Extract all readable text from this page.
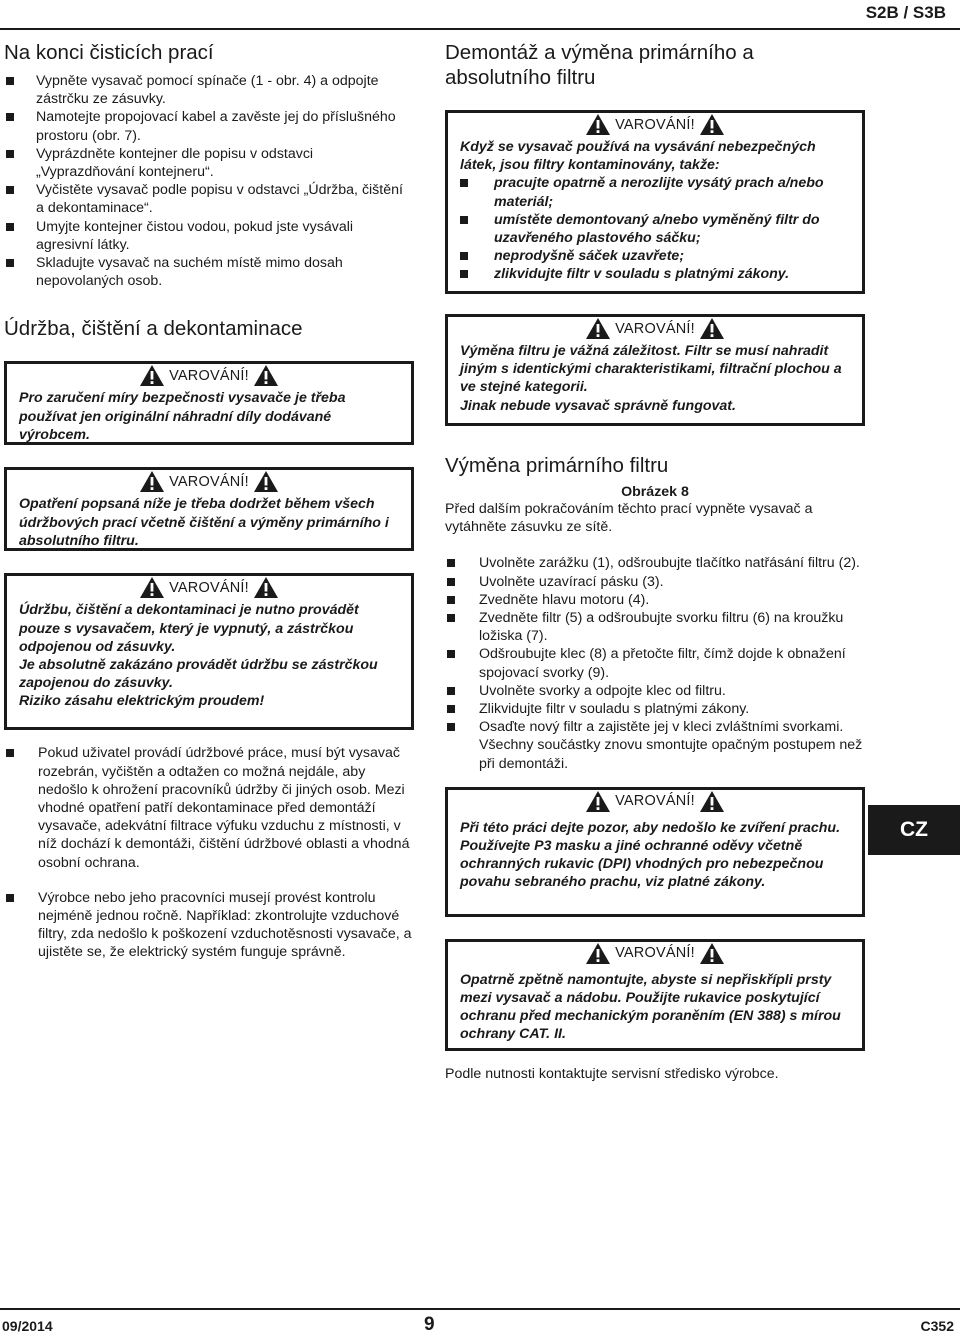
S2B / S3B
Na konci čisticích prací
Vypněte vysavač pomocí spínače (1 - obr. 4) a odpojte zástrčku ze zásuvky.
Namotejte propojovací kabel a zavěste jej do příslušného prostoru (obr. 7).
Vyprázdněte kontejner dle popisu v odstavci „Vyprazdňování kontejneru“.
Vyčistěte vysavač podle popisu v odstavci „Údržba, čištění a dekontaminace“.
Umyjte kontejner čistou vodou, pokud jste vysávali agresivní látky.
Skladujte vysavač na suchém místě mimo dosah nepovolaných osob.
Údržba, čištění a dekontaminace
VAROVÁNÍ!

Pro zaručení míry bezpečnosti vysavače je třeba používat jen originální náhradní díly dodávané výrobcem.

VAROVÁNÍ!

Opatření popsaná níže je třeba dodržet během všech údržbových prací včetně čištění a výměny primárního i absolutního filtru.

VAROVÁNÍ!

Údržbu, čištění a dekontaminaci je nutno provádět pouze s vysavačem, který je vypnutý, a zástrčkou odpojenou od zásuvky.

Je absolutně zakázáno provádět údržbu se zástrčkou zapojenou do zásuvky.

Riziko zásahu elektrickým proudem!

Pokud uživatel provádí údržbové práce, musí být vysavač rozebrán, vyčištěn a odtažen co možná nejdále, aby nedošlo k ohrožení pracovníků údržby či jiných osob. Mezi vhodné opatření patří dekontaminace před demontáží vysavače, adekvátní filtrace výfuku vzduchu z místnosti, v níž dochází k demontáži, čištění údržbové oblasti a vhodná osobní ochrana.
Výrobce nebo jeho pracovníci musejí provést kontrolu nejméně jednou ročně. Například: zkontrolujte vzduchové filtry, zda nedošlo k poškození vzduchotěsnosti vysavače, a ujistěte se, že elektrický systém funguje správně.
Demontáž a výměna primárního a absolutního filtru
VAROVÁNÍ!

Když se vysavač používá na vysávání nebezpečných látek, jsou filtry kontaminovány, takže:

pracujte opatrně a nerozlijte vysátý prach a/nebo materiál;
umístěte demontovaný a/nebo vyměněný filtr do uzavřeného plastového sáčku;
neprodyšně sáček uzavřete;
zlikvidujte filtr v souladu s platnými zákony.
VAROVÁNÍ!

Výměna filtru je vážná záležitost. Filtr se musí nahradit jiným s identickými charakteristikami, filtrační plochou a ve stejné kategorii.

Jinak nebude vysavač správně fungovat.

Výměna primárního filtru
Obrázek 8

Před dalším pokračováním těchto prací vypněte vysavač a vytáhněte zásuvku ze sítě.

Uvolněte zarážku (1), odšroubujte tlačítko natřásání filtru (2).
Uvolněte uzavírací pásku (3).
Zvedněte hlavu motoru (4).
Zvedněte filtr (5) a odšroubujte svorku filtru (6) na kroužku ložiska (7).
Odšroubujte klec (8) a přetočte filtr, čímž dojde k obnažení spojovací svorky (9).
Uvolněte svorky a odpojte klec od filtru.
Zlikvidujte filtr v souladu s platnými zákony.
Osaďte nový filtr a zajistěte jej v kleci zvláštními svorkami. Všechny součástky znovu smontujte opačným postupem než při demontáži.
VAROVÁNÍ!

Při této práci dejte pozor, aby nedošlo ke zvíření prachu. Používejte P3 masku a jiné ochranné oděvy včetně ochranných rukavic (DPI) vhodných pro nebezpečnou povahu sebraného prachu, viz platné zákony.

VAROVÁNÍ!

Opatrně zpětně namontujte, abyste si nepřiskřípli prsty mezi vysavač a nádobu. Použijte rukavice poskytující ochranu před mechanickým poraněním (EN 388) s mírou ochrany CAT. II.

Podle nutnosti kontaktujte servisní středisko výrobce.

CZ
09/2014	9	C352
